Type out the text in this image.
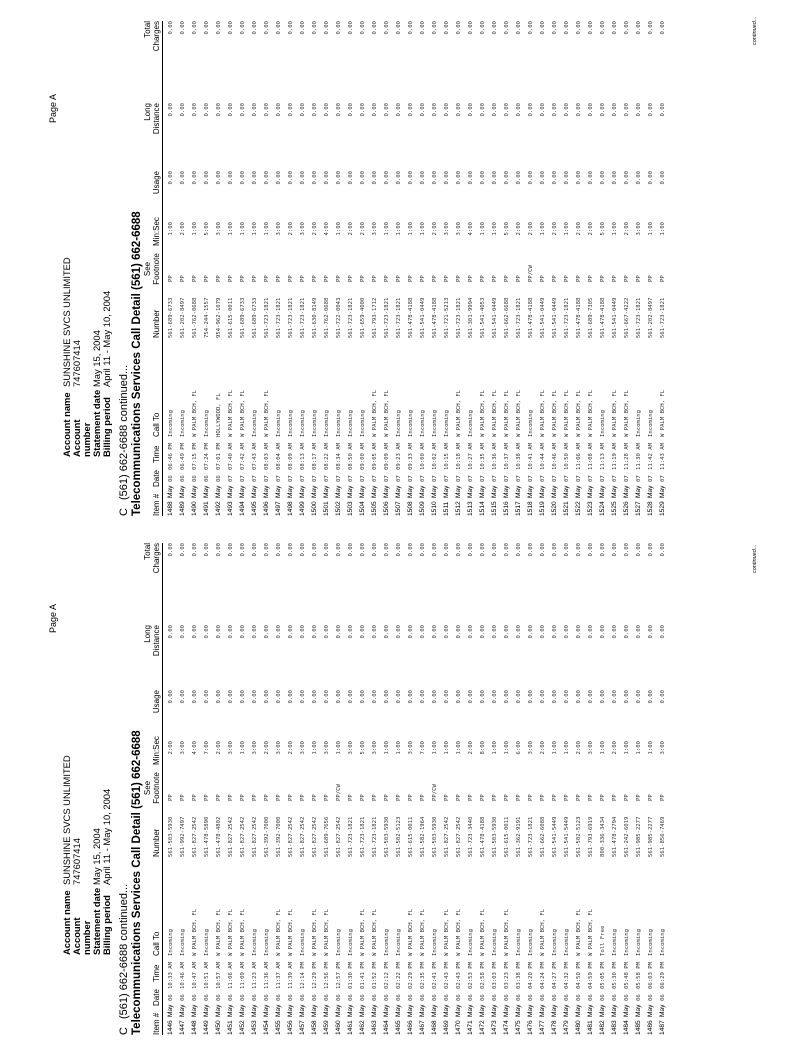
Page A
Account name
SUNSHINE SVCS UNLIMITED
Account number
747607414
Statement date
May 15, 2004
Billing period
April 11 - May 10, 2004
C(561) 662-6688 continued... Telecommunications Services Call Detail (561) 662-6688 Item #
Date
Time
Call To
Number
See Footnote
Min:Sec
Usage
Long Distance
Total Charges
1446
May
06
10:33 AM
Incoming
561-503-5930
PP
2:00
0.00
0.00
0.00
1447
May
06
10:46 AM
Incoming
561-992-7497
PP
3:00
0.00
0.00
0.00
1448
May
06
10:47 AM
W PALM BCH, FL
561-827-2542
PP
4:00
0.00
0.00
0.00
1449
May
06
10:51 AM
Incoming
561-478-5890
PP
7:00
0.00
0.00
0.00
1450
May
06
10:57 AM
W PALM BCH, FL
561-478-4802
PP
2:00
0.00
0.00
0.00
1451
May
06
11:06 AM
W PALM BCH, FL
561-827-2542
PP
3:00
0.00
0.00
0.00
1452
May
06
11:09 AM
W PALM BCH, FL
561-827-2542
PP
1:00
0.00
0.00
0.00
1453
May
06
11:23 AM
Incoming
561-827-2542
PP
3:00
0.00
0.00
0.00
1454
May
06
11:36 AM
Incoming
561-392-7000
PP
2:00
0.00
0.00
0.00
1455
May
06
11:37 AM
W PALM BCH, FL
561-392-7000
PP
3:00
0.00
0.00
0.00
1456
May
06
11:39 AM
W PALM BCH, FL
561-827-2542
PP
2:00
0.00
0.00
0.00
1457
May
06
12:14 PM
Incoming
561-827-2542
PP
3:00
0.00
0.00
0.00
1458
May
06
12:29 PM
W PALM BCH, FL
561-827-2542
PP
1:00
0.00
0.00
0.00
1459
May
06
12:56 PM
W PALM BCH, FL
561-689-7656
PP
3:00
0.00
0.00
0.00
1460
May
06
12:57 PM
Incoming
561-827-2542
PP/CW
1:00
0.00
0.00
0.00
1461
May
06
01:30 PM
Incoming
561-723-1821
PP
3:00
0.00
0.00
0.00
1462
May
06
01:41 PM
W PALM BCH, FL
561-723-1821
PP
5:00
0.00
0.00
0.00
1463
May
06
01:52 PM
W PALM BCH, FL
561-723-1821
PP
3:00
0.00
0.00
0.00
1464
May
06
02:12 PM
Incoming
561-503-5930
PP
1:00
0.00
0.00
0.00
1465
May
06
02:22 PM
Incoming
561-502-5123
PP
1:00
0.00
0.00
0.00
1466
May
06
02:29 PM
W PALM BCH, FL
561-615-0011
PP
3:00
0.00
0.00
0.00
1467
May
06
02:35 PM
W PALM BCH, FL
561-582-1964
PP
7:00
0.00
0.00
0.00
1468
May
06
02:41 PM
Incoming
561-503-5930
PP/CW
1:00
0.00
0.00
0.00
1469
May
06
02:43 PM
W PALM BCH, FL
561-827-2542
PP
1:00
0.00
0.00
0.00
1470
May
06
02:43 PM
W PALM BCH, FL
561-827-2542
PP
1:00
0.00
0.00
0.00
1471
May
06
02:53 PM
Incoming
561-723-3440
PP
2:00
0.00
0.00
0.00
1472
May
06
02:58 PM
W PALM BCH, FL
561-478-4188
PP
8:00
0.00
0.00
0.00
1473
May
06
03:03 PM
Incoming
561-503-5930
PP
1:00
0.00
0.00
0.00
1474
May
06
03:23 PM
W PALM BCH, FL
561-615-0011
PP
1:00
0.00
0.00
0.00
1475
May
06
03:38 PM
Incoming
561-362-9191
PP
6:00
0.00
0.00
0.00
1476
May
06
04:20 PM
Incoming
561-723-1821
PP
3:00
0.00
0.00
0.00
1477
May
06
04:24 PM
W PALM BCH, FL
561-662-6088
PP
2:00
0.00
0.00
0.00
1478
May
06
04:27 PM
Incoming
561-541-5449
PP
1:00
0.00
0.00
0.00
1479
May
06
04:32 PM
Incoming
561-541-5449
PP
1:00
0.00
0.00
0.00
1480
May
06
04:50 PM
W PALM BCH, FL
561-502-5123
PP
2:00
0.00
0.00
0.00
1481
May
06
04:59 PM
W PALM BCH, FL
561-793-6919
PP
3:00
0.00
0.00
0.00
1482
May
06
05:05 PM
Toll Free
800-336-3434
PP
1:00
0.00
0.00
0.00
1483
May
06
05:30 PM
Incoming
561-478-2794
PP
2:00
0.00
0.00
0.00
1484
May
06
05:48 PM
Incoming
561-242-6019
PP
1:00
0.00
0.00
0.00
1485
May
06
05:58 PM
Incoming
561-985-2277
PP
1:00
0.00
0.00
0.00
1486
May
06
06:03 PM
Incoming
561-985-2277
PP
1:00
0.00
0.00
0.00
1487
May
06
06:29 PM
Incoming
561-856-7469
PP
3:00
0.00
0.00
0.00	continued...
Page A
Account name
SUNSHINE SVCS UNLIMITED
Account number
747607414
Statement date
May 15, 2004
Billing period
April 11 - May 10, 2004
C(561) 662-6688 continued... Telecommunications Services Call Detail (561) 662-6688 Item #
Date
Time
Call To
Number
See Footnote
Min:Sec
Usage
Long Distance
Total Charges
1488
May
06
06:46 PM
Incoming
561-689-6733
PP
1:00
0.00
0.00
0.00
1489
May
06
06:49 PM
Incoming
561-202-8497
PP
2:00
0.00
0.00
0.00
1490
May
06
07:15 PM
W PALM BCH, FL
561-762-0688
PP
1:00
0.00
0.00
0.00
1491
May
06
07:24 PM
Incoming
754-244-1557
PP
5:00
0.00
0.00
0.00
1492
May
06
07:01 PM
HOLLYWOOD, FL
954-962-1079
PP
3:00
0.00
0.00
0.00
1493
May
07
07:40 AM
W PALM BCH, FL
561-615-0011
PP
1:00
0.00
0.00
0.00
1494
May
07
07:42 AM
W PALM BCH, FL
561-689-6733
PP
1:00
0.00
0.00
0.00
1495
May
07
07:43 AM
Incoming
561-689-6733
PP
1:00
0.00
0.00
0.00
1496
May
07
08:03 AM
W PALM BCH, FL
561-723-1821
PP
1:00
0.00
0.00
0.00
1497
May
07
08:04 AM
Incoming
561-723-1821
PP
3:00
0.00
0.00
0.00
1498
May
07
08:09 AM
Incoming
561-723-1821
PP
2:00
0.00
0.00
0.00
1499
May
07
08:13 AM
Incoming
561-723-1821
PP
3:00
0.00
0.00
0.00
1500
May
07
08:17 AM
Incoming
561-630-8149
PP
2:00
0.00
0.00
0.00
1501
May
07
08:22 AM
Incoming
561-762-0688
PP
4:00
0.00
0.00
0.00
1502
May
07
08:34 AM
Incoming
561-722-0043
PP
1:00
0.00
0.00
0.00
1503
May
07
08:50 AM
Incoming
561-723-1821
PP
2:00
0.00
0.00
0.00
1504
May
07
09:00 AM
Incoming
561-659-4000
PP
2:00
0.00
0.00
0.00
1505
May
07
09:05 AM
W PALM BCH, FL
561-793-1712
PP
3:00
0.00
0.00
0.00
1506
May
07
09:09 AM
W PALM BCH, FL
561-723-1821
PP
1:00
0.00
0.00
0.00
1507
May
07
09:23 AM
Incoming
561-723-1821
PP
1:00
0.00
0.00
0.00
1508
May
07
09:33 AM
Incoming
561-478-4188
PP
1:00
0.00
0.00
0.00
1509
May
07
10:00 AM
Incoming
561-541-0449
PP
1:00
0.00
0.00
0.00
1510
May
07
10:02 AM
Incoming
561-478-4188
PP
2:00
0.00
0.00
0.00
1511
May
07
10:15 AM
Incoming
561-721-5213
PP
3:00
0.00
0.00
0.00
1512
May
07
10:18 AM
W PALM BCH, FL
561-723-1821
PP
3:00
0.00
0.00
0.00
1513
May
07
10:27 AM
Incoming
561-301-9994
PP
4:00
0.00
0.00
0.00
1514
May
07
10:35 AM
W PALM BCH, FL
561-541-4053
PP
1:00
0.00
0.00
0.00
1515
May
07
10:36 AM
W PALM BCH, FL
561-541-0449
PP
1:00
0.00
0.00
0.00
1516
May
07
10:37 AM
W PALM BCH, FL
561-662-6688
PP
5:00
0.00
0.00
0.00
1517
May
07
10:38 AM
W PALM BCH, FL
561-723-1821
PP
2:00
0.00
0.00
0.00
1518
May
07
10:41 AM
Incoming
561-478-4188
PP/CW
2:00
0.00
0.00
0.00
1519
May
07
10:44 AM
W PALM BCH, FL
561-541-0449
PP
1:00
0.00
0.00
0.00
1520
May
07
10:46 AM
W PALM BCH, FL
561-541-0449
PP
2:00
0.00
0.00
0.00
1521
May
07
10:50 AM
W PALM BCH, FL
561-723-1821
PP
1:00
0.00
0.00
0.00
1522
May
07
11:06 AM
W PALM BCH, FL
561-478-4188
PP
2:00
0.00
0.00
0.00
1523
May
07
11:08 AM
W PALM BCH, FL
561-689-7305
PP
2:00
0.00
0.00
0.00
1524
May
07
11:13 AM
Incoming
561-478-4188
PP
5:00
0.00
0.00
0.00
1525
May
07
11:19 AM
W PALM BCH, FL
561-541-0449
PP
1:00
0.00
0.00
0.00
1526
May
07
11:28 AM
W PALM BCH, FL
561-667-4222
PP
2:00
0.00
0.00
0.00
1527
May
07
11:30 AM
Incoming
561-723-1821
PP
3:00
0.00
0.00
0.00
1528
May
07
11:42 AM
Incoming
561-202-8497
PP
1:00
0.00
0.00
0.00
1529
May
07
11:43 AM
W PALM BCH, FL
561-723-1821
PP
1:00
0.00
0.00
0.00	continued...
